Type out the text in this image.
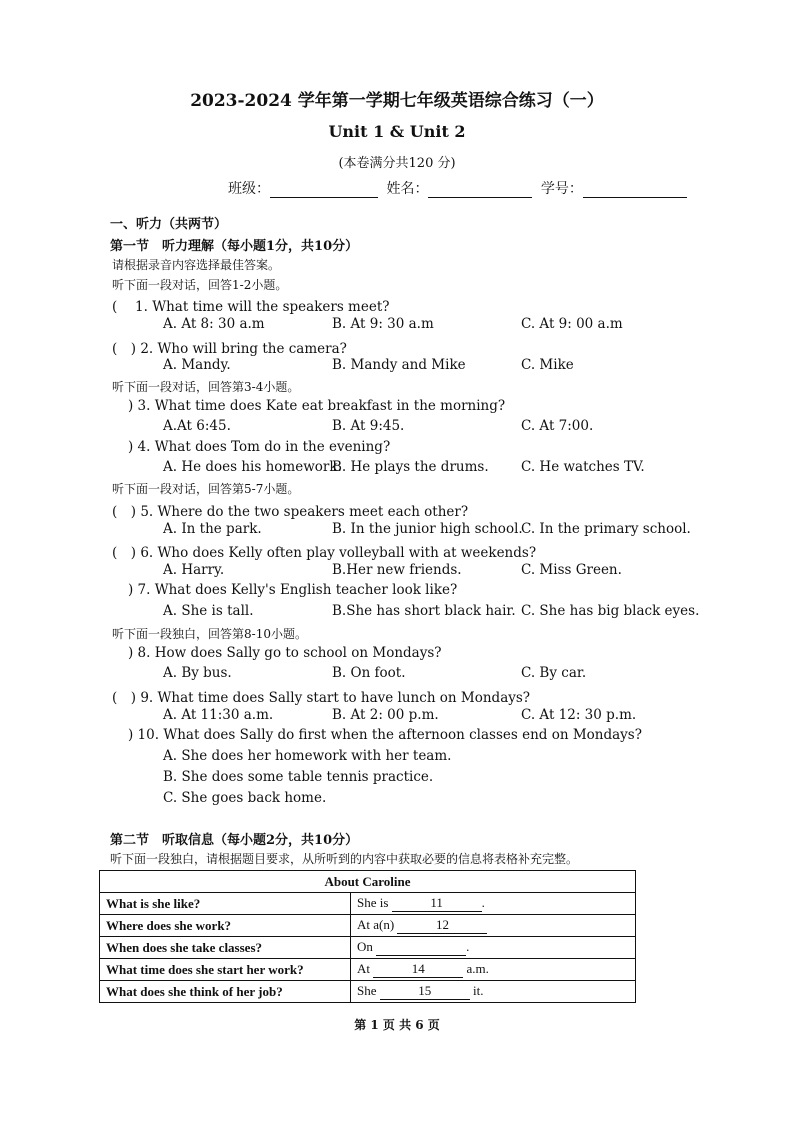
2023-2024 学年第一学期七年级英语综合练习（一）
Unit 1 & Unit 2
(本卷满分共120 分)
班级：	姓名：	学号：
一、听力（共两节）
第一节　听力理解（每小题1分，共10分）
请根据录音内容选择最佳答案。
听下面一段对话，回答1-2小题。
(　 1. What time will the speakers meet?
A. At 8: 30 a.m	B. At 9: 30 a.m	C. At 9: 00 a.m
(　) 2. Who will bring the camera?
A. Mandy.	B. Mandy and Mike	C. Mike
听下面一段对话，回答第3-4小题。
) 3. What time does Kate eat breakfast in the morning?
A.At 6:45.	B. At 9:45.	C. At 7:00.
) 4. What does Tom do in the evening?
A. He does his homework.
B. He plays the drums. C. He watches TV.
听下面一段对话，回答第5-7小题。
(　) 5. Where do the two speakers meet each other?
A. In the park.	B. In the junior high school.
C. In the primary school.
(　) 6. Who does Kelly often play volleyball with at weekends?
A. Harry.	B.Her new friends.	C. Miss Green.
) 7. What does Kelly's English teacher look like?
A. She is tall.	B.She has short black hair. C. She has big black eyes.
听下面一段独白，回答第8-10小题。
) 8. How does Sally go to school on Mondays?
A. By bus.	B. On foot.	C. By car.
(　) 9. What time does Sally start to have lunch on Mondays?
A. At 11:30 a.m.	B. At 2: 00 p.m.	C. At 12: 30 p.m.
) 10. What does Sally do first when the afternoon classes end on Mondays?
A. She does her homework with her team.
B. She does some table tennis practice.
C. She goes back home.
第二节　听取信息（每小题2分，共10分）
听下面一段独白，请根据题目要求，从所听到的内容中获取必要的信息将表格补充完整。
About Caroline	
What is she like?	She is 11 .
Where does she work?	At a(n) 12
When does she take classes?	On 13 .
What time does she start her work?	At 14 a.m.
What does she think of her job?	She 15 it.
第 1 页 共 6 页
